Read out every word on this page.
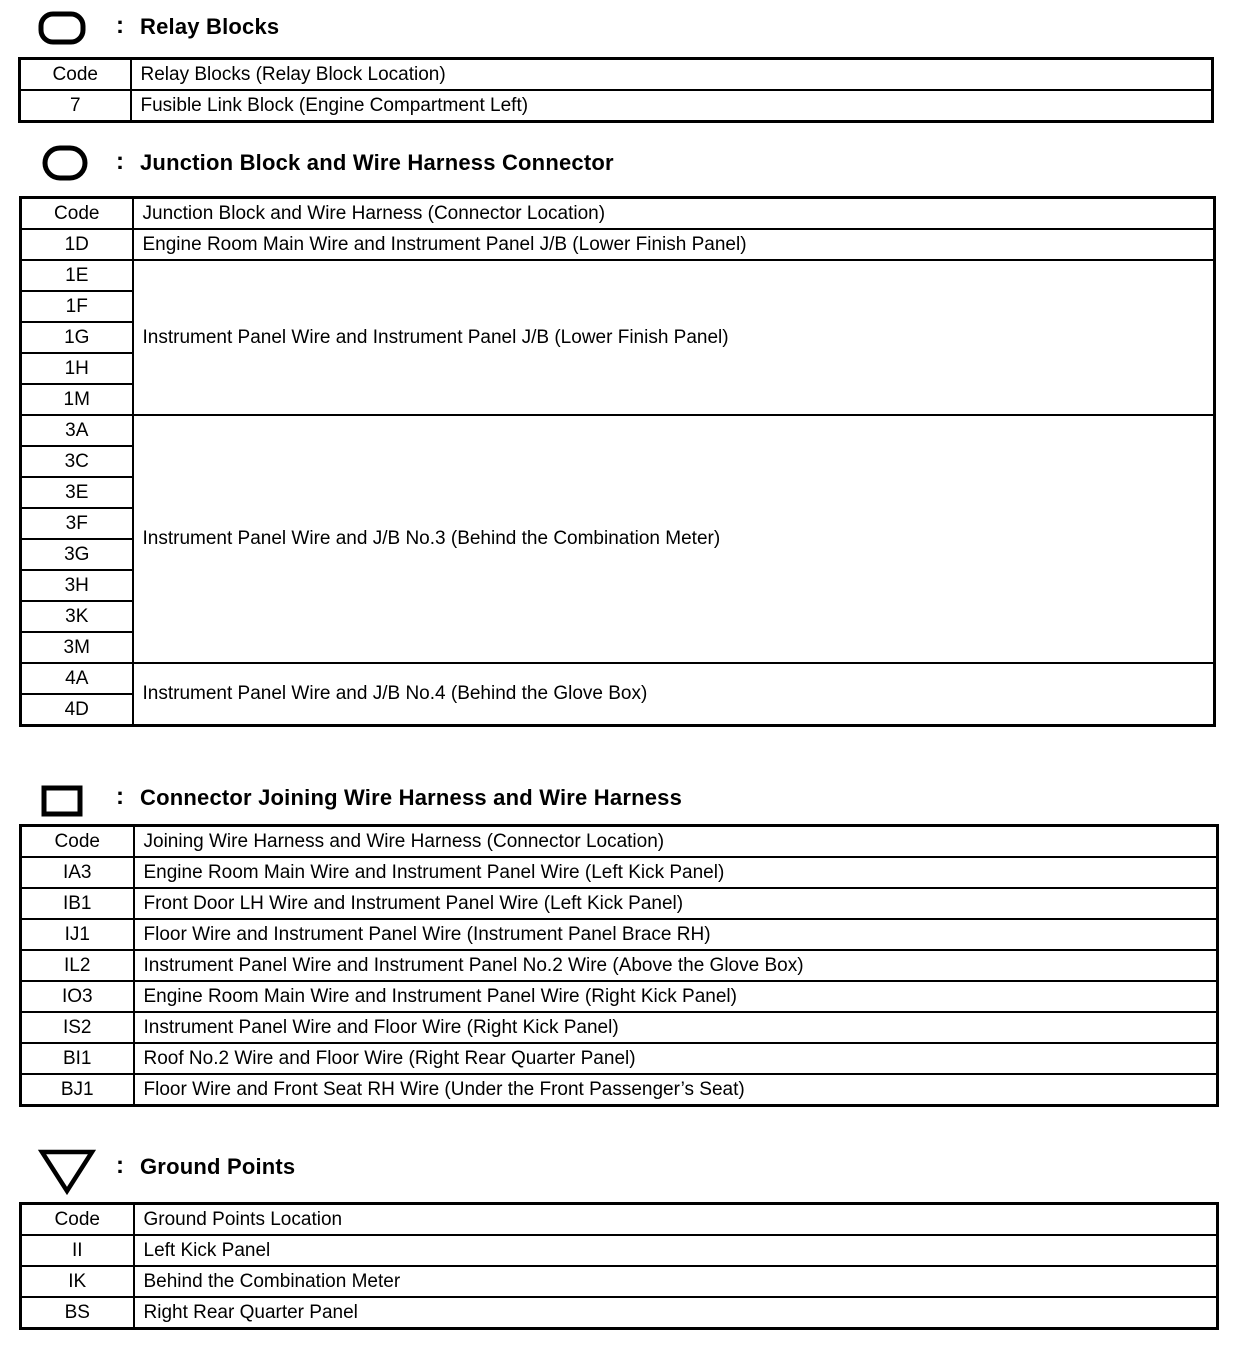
: Relay Blocks
Code	Relay Blocks (Relay Block Location)
7	Fusible Link Block (Engine Compartment Left)
: Junction Block and Wire Harness Connector
Code	Junction Block and Wire Harness (Connector Location)
1D	Engine Room Main Wire and Instrument Panel J/B (Lower Finish Panel)
1E	Instrument Panel Wire and Instrument Panel J/B (Lower Finish Panel)
1F	
1G	
1H	
1M	
3A	Instrument Panel Wire and J/B No.3 (Behind the Combination Meter)
3C	
3E	
3F	
3G	
3H	
3K	
3M	
4A	Instrument Panel Wire and J/B No.4 (Behind the Glove Box)
4D	
: Connector Joining Wire Harness and Wire Harness
Code	Joining Wire Harness and Wire Harness (Connector Location)
IA3	Engine Room Main Wire and Instrument Panel Wire (Left Kick Panel)
IB1	Front Door LH Wire and Instrument Panel Wire (Left Kick Panel)
IJ1	Floor Wire and Instrument Panel Wire (Instrument Panel Brace RH)
IL2	Instrument Panel Wire and Instrument Panel No.2 Wire (Above the Glove Box)
IO3	Engine Room Main Wire and Instrument Panel Wire (Right Kick Panel)
IS2	Instrument Panel Wire and Floor Wire (Right Kick Panel)
BI1	Roof No.2 Wire and Floor Wire (Right Rear Quarter Panel)
BJ1	Floor Wire and Front Seat RH Wire (Under the Front Passenger’s Seat)
: Ground Points
Code	Ground Points Location
II	Left Kick Panel
IK	Behind the Combination Meter
BS	Right Rear Quarter Panel
